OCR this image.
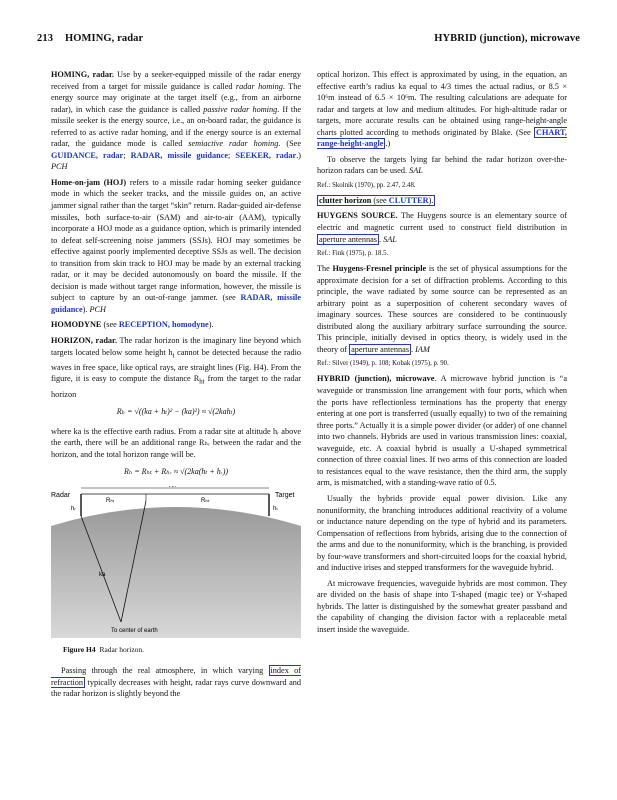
213 HOMING, radar	HYBRID (junction), microwave

HOMING, radar. Use by a seeker-equipped missile of the radar energy received from a target for missile guidance is called radar homing. The energy source may originate at the target itself (e.g., from an airborne radar), in which case the guidance is called passive radar homing. If the missile seeker is the energy source, i.e., an on-board radar, the guidance is referred to as active radar homing, and if the energy source is an external radar, the guidance mode is called semiactive radar homing. (See GUIDANCE, radar; RADAR, missile guidance; SEEKER, radar.) PCH

Home-on-jam (HOJ) refers to a missile radar homing seeker guidance mode in which the seeker tracks, and the missile guides on, an active jammer signal rather than the target “skin” return. Radar-guided air-defense missiles, both surface-to-air (SAM) and air-to-air (AAM), typically incorporate a HOJ mode as a guidance option, which is primarily intended to defeat self-screening noise jammers (SSJs). HOJ may sometimes be effective against poorly implemented deceptive SSJs as well. The decision to transition from skin track to HOJ may be made by an external tracking radar, or it may be decided autonomously on board the missile. If the decision is made without target range information, however, the missile is subject to capture by an out-of-range jammer. (see RADAR, missile guidance). PCH

HOMODYNE (see RECEPTION, homodyne).

HORIZON, radar. The radar horizon is the imaginary line beyond which targets located below some height $h_t$ cannot be detected because the radio waves in free space, like optical rays, are straight lines (Fig. H4). From the figure, it is easy to compute the distance $R_{ht}$ from the target to the radar horizon

Rₕ = √((ka + hₜ)² − (ka)²) ≈ √(2kahₜ)

where ka is the effective earth radius. From a radar site at altitude hᵣ above the earth, there will be an additional range Rₕᵣ between the radar and the horizon, and the total horizon range will be.

Rₕ = Rₕₜ + Rₕᵣ ≈ √(2ka(hₜ + hᵣ))
Radar	Target
Rₕ
Rₕᵣ	Rₕₜ
hᵣ	hₜ
ka
To center of earth
Figure H4 Radar horizon.

Passing through the real atmosphere, in which varying index of refraction typically decreases with height, radar rays curve downward and the radar horizon is slightly beyond the

optical horizon. This effect is approximated by using, in the equation, an effective earth’s radius ka equal to 4/3 times the actual radius, or 8.5 × 10⁶m instead of 6.5 × 10⁶m. The resulting calculations are adequate for radar and targets at low and medium altitudes. For high-altitude radar or targets, more accurate results can be obtained using range-height-angle charts plotted according to methods originated by Blake. (See CHART, range-height-angle .)

To observe the targets lying far behind the radar horizon over-the-horizon radars can be used. SAL

Ref.: Skolnik (1970), pp. 2.47, 2.48.

clutter horizon (see CLUTTER).

HUYGENS SOURCE. The Huygens source is an elementary source of electric and magnetic current used to construct field distribution in aperture antennas . SAL

Ref.: Fink (1975), p. 18.5.

The Huygens-Fresnel principle is the set of physical assumptions for the approximate decision for a set of diffraction problems. According to this principle, the wave radiated by some source can be represented as an arbitrary point as a superposition of coherent secondary waves of imaginary sources. These sources are considered to be continuously distributed along the auxiliary arbitrary surface surrounding the source. This principle, initially devised in optics theory, is widely used in the theory of aperture antennas . IAM

Ref.: Silver (1949), p. 108; Kobak (1975), p. 90.

HYBRID (junction), microwave. A microwave hybrid junction is “a waveguide or transmission line arrangement with four ports, which when the ports have reflectionless terminations has the property that energy entering at one port is transferred (usually equally) to two of the remaining three ports.” Actually it is a simple power divider (or adder) of one channel into two channels. Hybrids are used in various transmission lines: coaxial, waveguide, etc. A coaxial hybrid is usually a U-shaped symmetrical connection of three coaxial lines. If two arms of this connection are loaded to resistances equal to the wave resistance, then the third arm, the supply arm, is mismatched, with a standing-wave ratio of 0.5.

Usually the hybrids provide equal power division. Like any nonuniformity, the branching introduces additional reactivity of a volume or inductance nature depending on the type of hybrid and its parameters. Compensation of reflections from hybrids, arising due to the connection of the arms and due to the nonuniformity, which is the branching, is provided by four-wave transformers and short-circuited loops for the coaxial hybrid, and inductive irises and stepped transformers for the waveguide hybrid.

At microwave frequencies, waveguide hybrids are most common. They are divided on the basis of shape into T-shaped (magic tee) or Y-shaped hybrids. The latter is distinguished by the somewhat greater passband and the capability of changing the division factor with a replaceable metal insert inside the waveguide.
